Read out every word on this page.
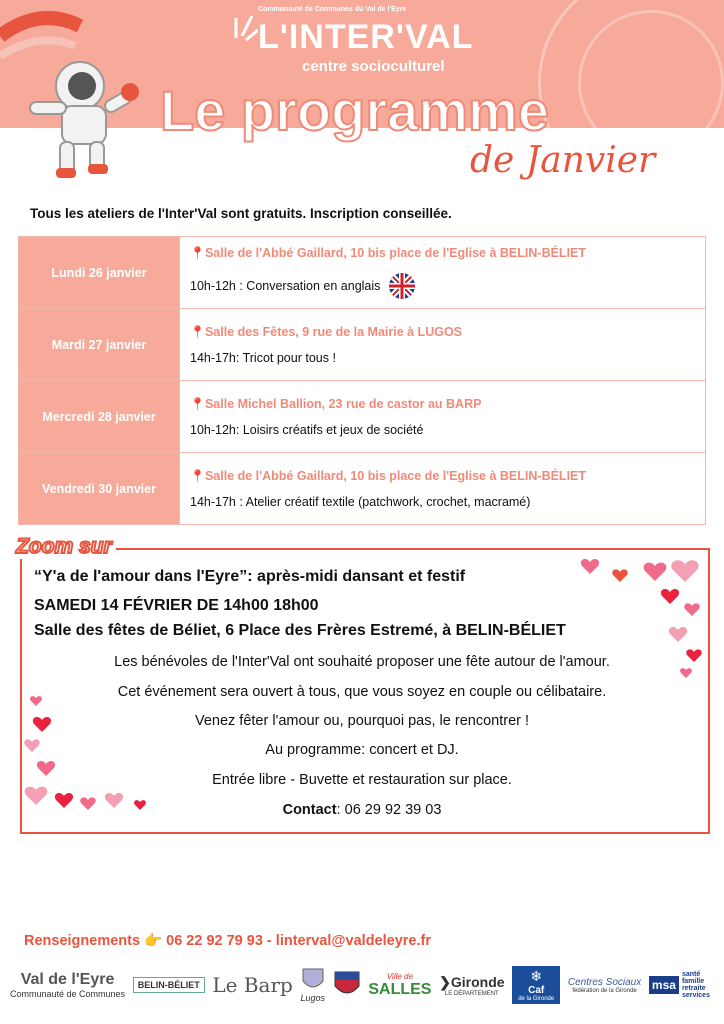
Communauté de Communes du Val de l'Eyre
L'INTER'VAL
centre socioculturel
Le programme
de Janvier
Tous les ateliers de l'Inter'Val sont gratuits. Inscription conseillée.
Lundi 26 janvier	📍Salle de l'Abbé Gaillard, 10 bis place de l'Eglise à BELIN-BÉLIET
10h-12h : Conversation en anglais

Mardi 27 janvier	📍Salle des Fêtes, 9 rue de la Mairie à LUGOS
14h-17h: Tricot pour tous !

Mercredi 28 janvier	📍Salle Michel Ballion, 23 rue de castor au BARP
10h-12h: Loisirs créatifs et jeux de société

Vendredi 30 janvier	📍Salle de l'Abbé Gaillard, 10 bis place de l'Eglise à BELIN-BÉLIET
14h-17h : Atelier créatif textile (patchwork, crochet, macramé)
Zoom sur
“Y'a de l'amour dans l'Eyre”: après-midi dansant et festif
SAMEDI 14 FÉVRIER DE 14h00 18h00
Salle des fêtes de Béliet, 6 Place des Frères Estremé, à BELIN-BÉLIET
Les bénévoles de l'Inter'Val ont souhaité proposer une fête autour de l'amour.
Cet événement sera ouvert à tous, que vous soyez en couple ou célibataire.
Venez fêter l'amour ou, pourquoi pas, le rencontrer !
Au programme: concert et DJ.
Entrée libre - Buvette et restauration sur place.
Contact: 06 29 92 39 03
Renseignements 👉 06 22 92 79 93 - linterval@valdeleyre.fr
Val de l'Eyre
Communauté de Communes
BELIN-BÉLIET Le Barp
Lugos
Ville de
SALLES ❯Gironde
LE DÉPARTEMENT
❄
Caf
de la Gironde
Centres Sociaux
fédération de la Gironde msa
santé famille retraite services
